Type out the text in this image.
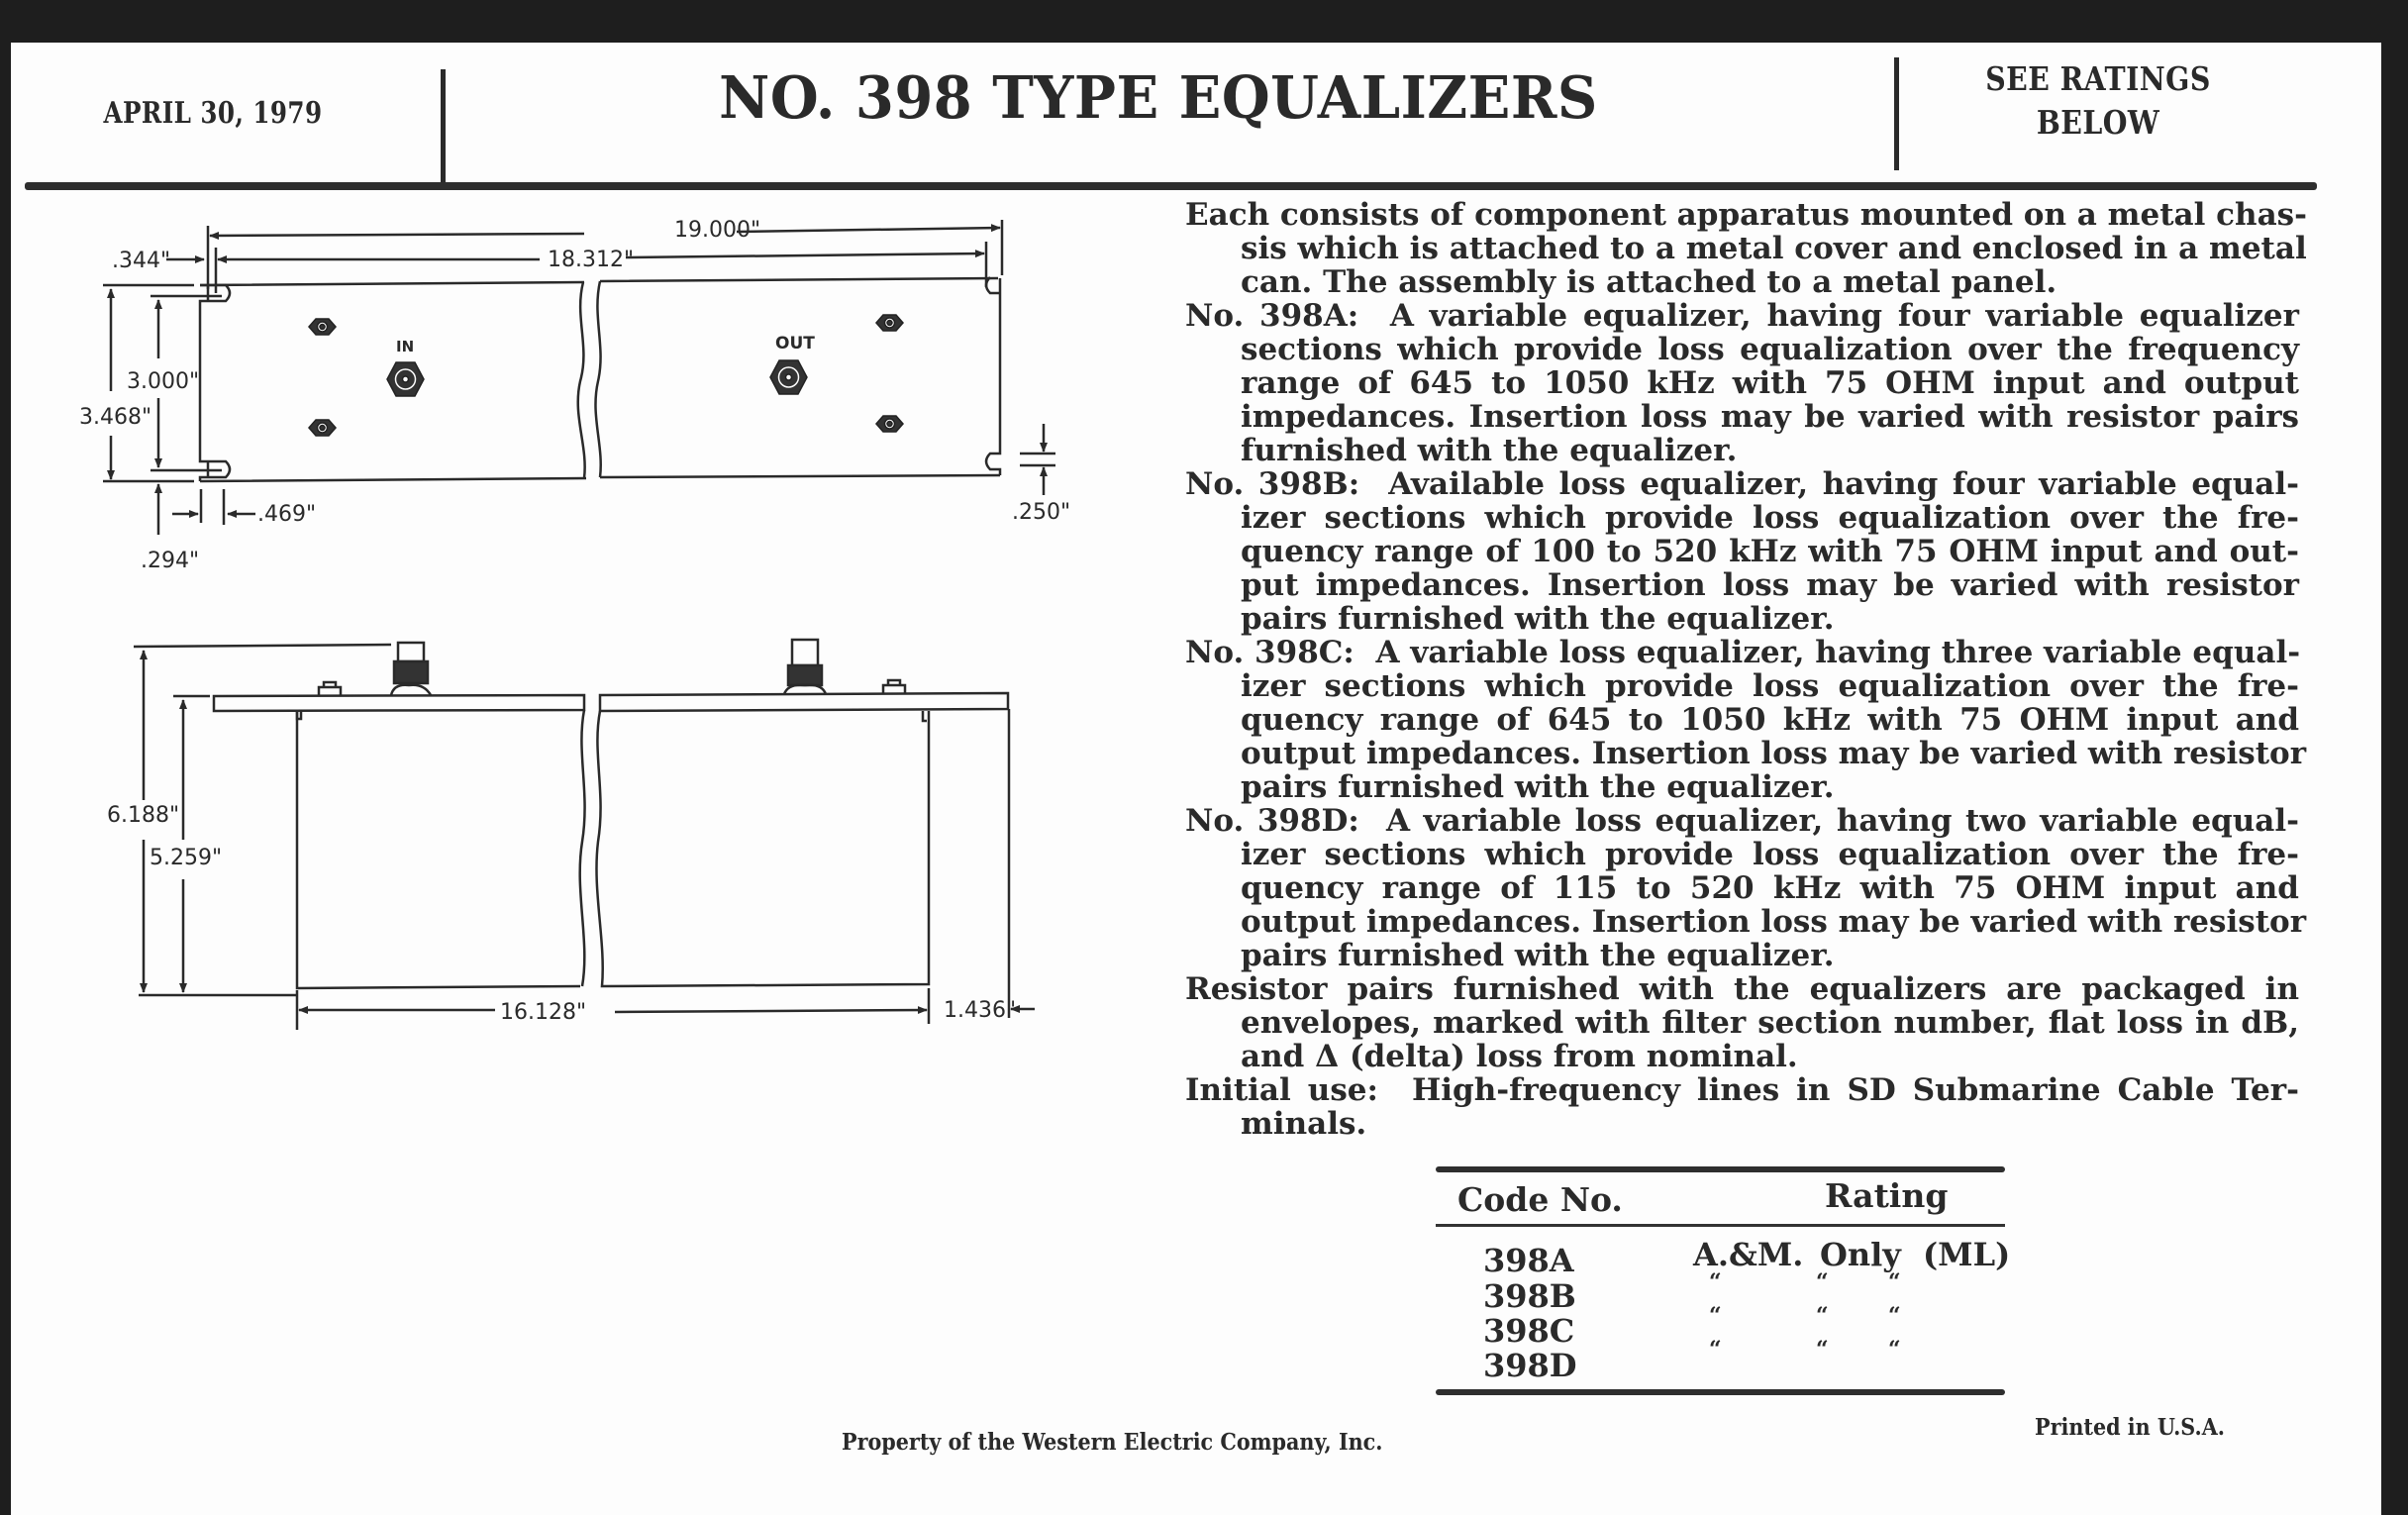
APRIL 30, 1979	NO. 398 TYPE EQUALIZERS	SEE RATINGS
BELOW
19.000"
18.312"
.344"
3.000"
3.468"
.469"
.294"
.250"
IN	OUT
6.188"
5.259"
16.128"	1.436"
Each consists of component apparatus mounted on a metal chas-
sis which is attached to a metal cover and enclosed in a metal
can. The assembly is attached to a metal panel.
No. 398A: A variable equalizer, having four variable equalizer
sections which provide loss equalization over the frequency
range of 645 to 1050 kHz with 75 OHM input and output
impedances. Insertion loss may be varied with resistor pairs
furnished with the equalizer.
No. 398B: Available loss equalizer, having four variable equal-
izer sections which provide loss equalization over the fre-
quency range of 100 to 520 kHz with 75 OHM input and out-
put impedances. Insertion loss may be varied with resistor
pairs furnished with the equalizer.
No. 398C: A variable loss equalizer, having three variable equal-
izer sections which provide loss equalization over the fre-
quency range of 645 to 1050 kHz with 75 OHM input and
output impedances. Insertion loss may be varied with resistor
pairs furnished with the equalizer.
No. 398D: A variable loss equalizer, having two variable equal-
izer sections which provide loss equalization over the fre-
quency range of 115 to 520 kHz with 75 OHM input and
output impedances. Insertion loss may be varied with resistor
pairs furnished with the equalizer.
Resistor pairs furnished with the equalizers are packaged in
envelopes, marked with filter section number, flat loss in dB,
and Δ (delta) loss from nominal.
Initial use: High-frequency lines in SD Submarine Cable Ter-
minals.
Code No.	Rating
398A	A.&M. Only (ML)
398B	“	“	“
398C	“	“	“
398D	“	“	“
Property of the Western Electric Company, Inc.
Printed in U.S.A.
